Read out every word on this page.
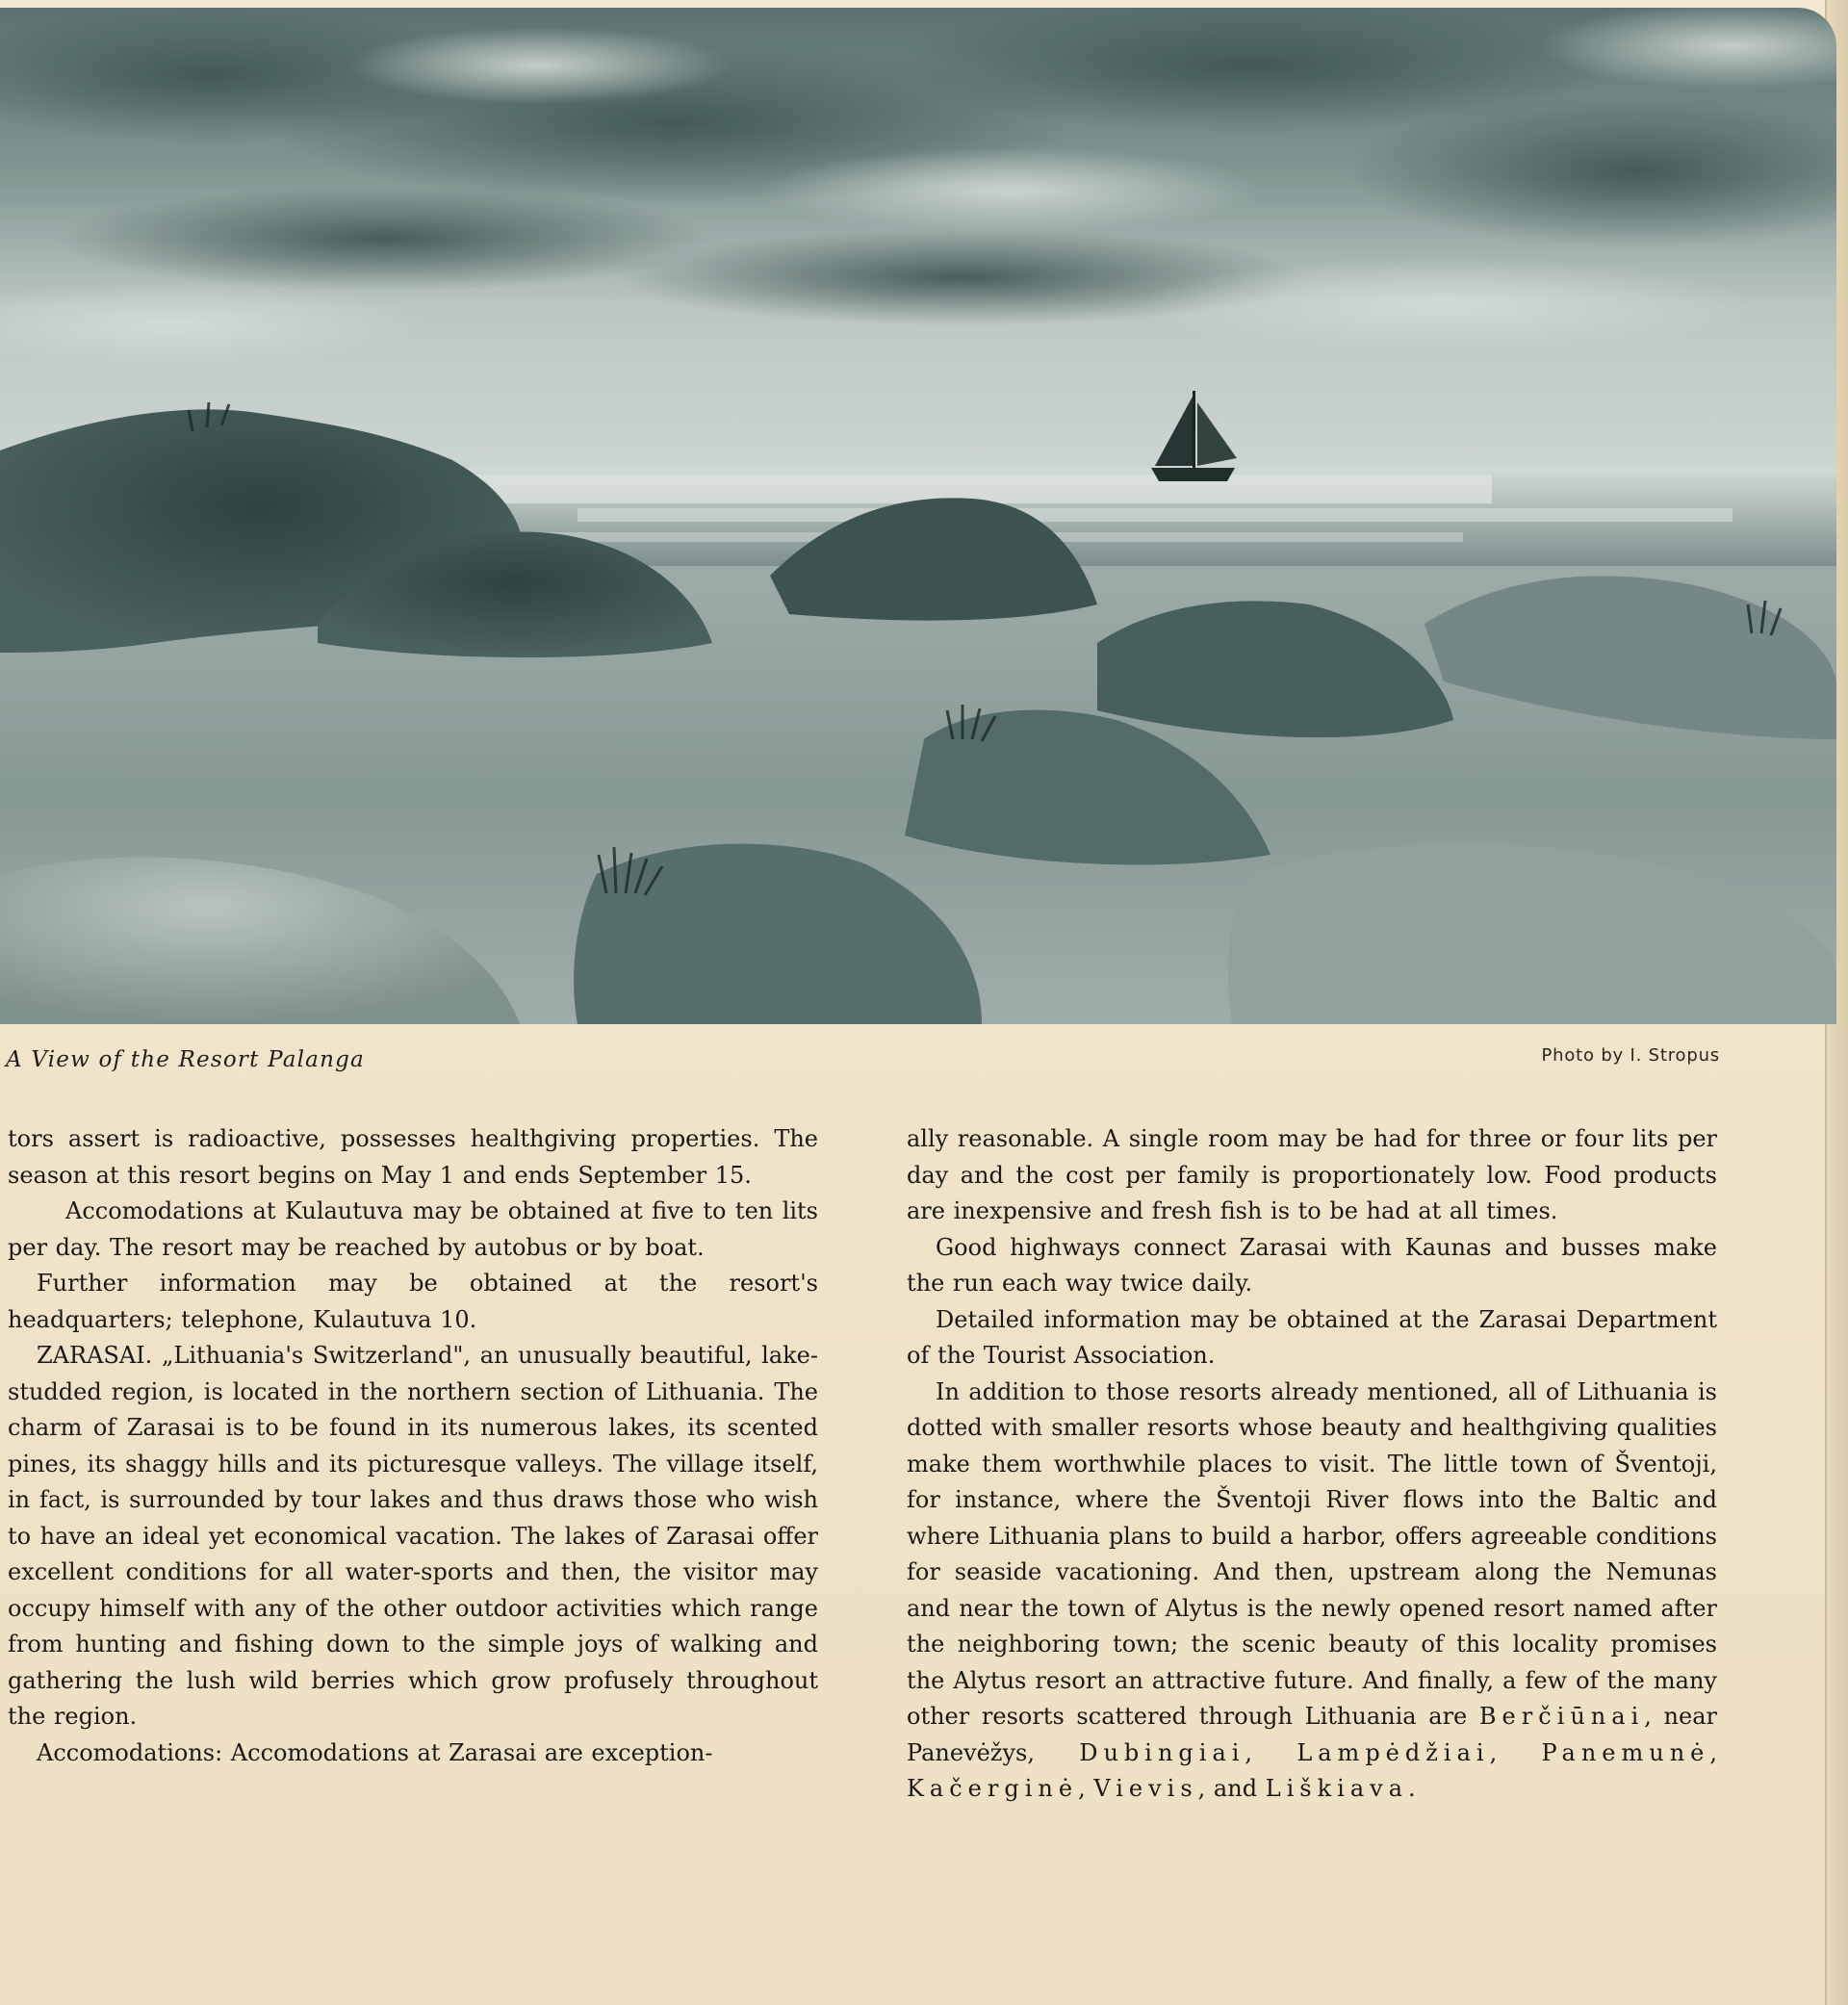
A View of the Resort Palanga	Photo by I. Stropus

tors assert is radioactive, possesses healthgiving properties. The season at this resort begins on May 1 and ends September 15.

Accomodations at Kulautuva may be obtained at five to ten lits per day. The resort may be reached by autobus or by boat.

Further information may be obtained at the resort's headquarters; telephone, Kulautuva 10.

ZARASAI. „Lithuania's Switzerland", an unusually beautiful, lake-studded region, is located in the northern section of Lithuania. The charm of Zarasai is to be found in its numerous lakes, its scented pines, its shaggy hills and its picturesque valleys. The village itself, in fact, is surrounded by tour lakes and thus draws those who wish to have an ideal yet economical vacation. The lakes of Zarasai offer excellent conditions for all water-sports and then, the visitor may occupy himself with any of the other outdoor activities which range from hunting and fishing down to the simple joys of walking and gathering the lush wild berries which grow profusely throughout the region.

Accomodations: Accomodations at Zarasai are exception-

ally reasonable. A single room may be had for three or four lits per day and the cost per family is proportionately low. Food products are inexpensive and fresh fish is to be had at all times.

Good highways connect Zarasai with Kaunas and busses make the run each way twice daily.

Detailed information may be obtained at the Zarasai Department of the Tourist Association.

In addition to those resorts already mentioned, all of Lithuania is dotted with smaller resorts whose beauty and healthgiving qualities make them worthwhile places to visit. The little town of Šventoji, for instance, where the Šventoji River flows into the Baltic and where Lithuania plans to build a harbor, offers agreeable conditions for seaside vacationing. And then, upstream along the Nemunas and near the town of Alytus is the newly opened resort named after the neighboring town; the scenic beauty of this locality promises the Alytus resort an attractive future. And finally, a few of the many other resorts scattered through Lithuania are Berčiūnai, near Panevėžys, Dubingiai, Lampėdžiai, Panemunė, Kačerginė, Vievis, and Liškiava.
